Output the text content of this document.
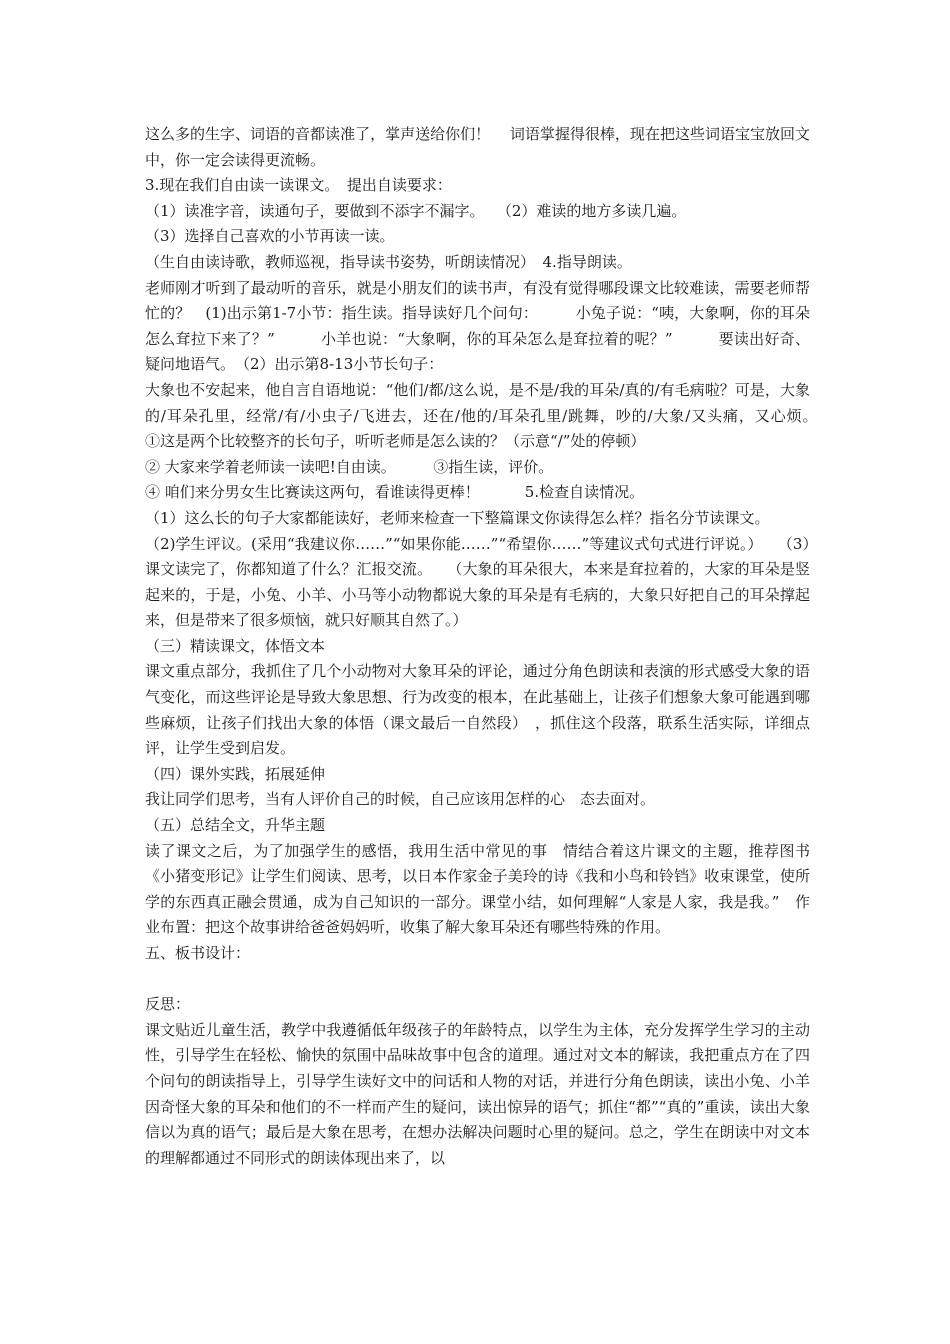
这么多的生字、词语的音都读准了，掌声送给你们！　 词语掌握得很棒，现在把这些词语宝宝放回文中，你一定会读得更流畅。

3.现在我们自由读一读课文。　提出自读要求：

（1）读准字音，读通句子，要做到不添字不漏字。　 （2）难读的地方多读几遍。

（3）选择自己喜欢的小节再读一读。

（生自由读诗歌，教师巡视，指导读书姿势，听朗读情况）　4.指导朗读。

老师刚才听到了最动听的音乐，就是小朋友们的读书声，有没有觉得哪段课文比较难读，需要老师帮忙的？　(1)出示第1-7小节：指生读。指导读好几个问句：　　　小兔子说：“咦，大象啊，你的耳朵怎么耷拉下来了？”　　　小羊也说：“大象啊，你的耳朵怎么是耷拉着的呢？”　　　要读出好奇、疑问地语气。　（2）出示第8-13小节长句子：

大象也不安起来，他自言自语地说：“他们/都/这么说，是不是/我的耳朵/真的/有毛病啦？可是，大象的/耳朵孔里，经常/有/小虫子/飞进去，还在/他的/耳朵孔里/跳舞，吵的/大象/又头痛，又心烦。　　①这是两个比较整齐的长句子，听听老师是怎么读的？（示意“/”处的停顿）

② 大家来学着老师读一读吧!自由读。　　　③指生读，评价。

④ 咱们来分男女生比赛读这两句，看谁读得更棒！　　　5.检查自读情况。

（1）这么长的句子大家都能读好，老师来检查一下整篇课文你读得怎么样？指名分节读课文。

（2)学生评议。(采用“我建议你……”“如果你能……”“希望你……”等建议式句式进行评说。）　　（3）课文读完了，你都知道了什么？汇报交流。　　（大象的耳朵很大，本来是耷拉着的，大家的耳朵是竖起来的，于是，小兔、小羊、小马等小动物都说大象的耳朵是有毛病的，大象只好把自己的耳朵撑起来，但是带来了很多烦恼，就只好顺其自然了。）

（三）精读课文，体悟文本

课文重点部分，我抓住了几个小动物对大象耳朵的评论，通过分角色朗读和表演的形式感受大象的语气变化，而这些评论是导致大象思想、行为改变的根本，在此基础上，让孩子们想象大象可能遇到哪些麻烦，让孩子们找出大象的体悟（课文最后一自然段）　，抓住这个段落，联系生活实际，详细点评，让学生受到启发。

（四）课外实践，拓展延伸

我让同学们思考，当有人评价自己的时候，自己应该用怎样的心　态去面对。

（五）总结全文，升华主题

读了课文之后，为了加强学生的感悟，我用生活中常见的事　情结合着这片课文的主题，推荐图书《小猪变形记》让学生们阅读、思考，以日本作家金子美玲的诗《我和小鸟和铃铛》收束课堂，使所学的东西真正融会贯通，成为自己知识的一部分。课堂小结，如何理解“人家是人家，我是我。”　作业布置：把这个故事讲给爸爸妈妈听，收集了解大象耳朵还有哪些特殊的作用。

五、板书设计：

反思：

课文贴近儿童生活，教学中我遵循低年级孩子的年龄特点，以学生为主体，充分发挥学生学习的主动性，引导学生在轻松、愉快的氛围中品味故事中包含的道理。通过对文本的解读，我把重点方在了四个问句的朗读指导上，引导学生读好文中的问话和人物的对话，并进行分角色朗读，读出小兔、小羊因奇怪大象的耳朵和他们的不一样而产生的疑问，读出惊异的语气；抓住“都”“真的”重读，读出大象信以为真的语气；最后是大象在思考，在想办法解决问题时心里的疑问。总之，学生在朗读中对文本的理解都通过不同形式的朗读体现出来了，以
